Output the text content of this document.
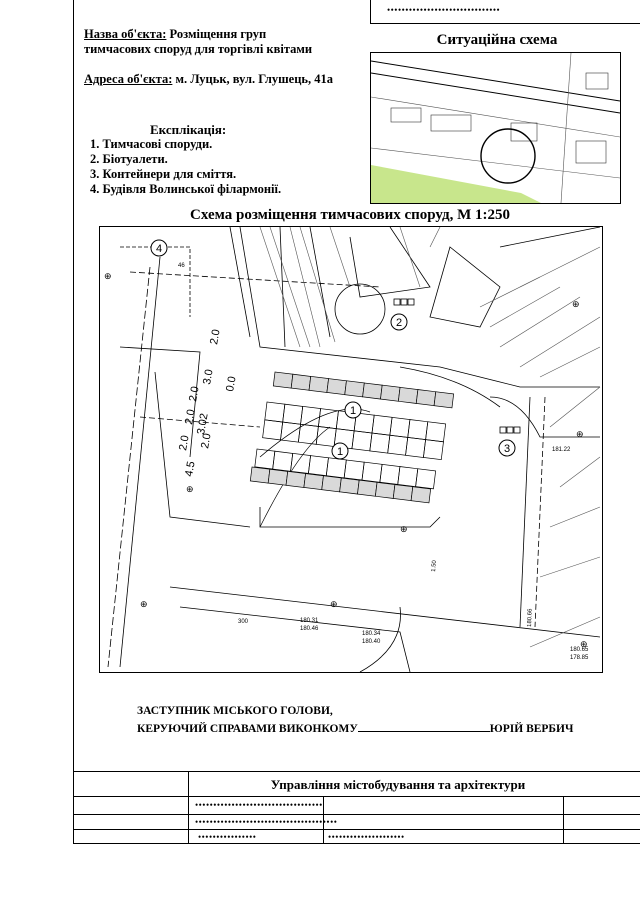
•••••••••••••••••••••••••••••••
Назва об'єкта: Розміщення груп
тимчасових споруд для торгівлі квітами
Адреса об'єкта: м. Луцьк, вул. Глушець, 41а
Ситуаційна схема
Експлікація:
1. Тимчасові споруди.
2. Біотуалети.
3. Контейнери для сміття.
4. Будівля Волинської філармонії.
Схема розміщення тимчасових споруд, М 1:250
4
2
1
1	3
2.0
3.0
2.0
2.0
0.0
3.02
2.0
4.5
2.0
180.31
180.46
180.34
180.40
180.65
178.85
181.22
180.66
46
300
1.50
⊕
⊕
⊕
⊕
⊕
⊕	⊕
⊕
ЗАСТУПНИК МІСЬКОГО ГОЛОВИ,
КЕРУЮЧИЙ СПРАВАМИ ВИКОНКОМУ	ЮРІЙ ВЕРБИЧ
•••••••••••••••••••••••••••••••••••
•••••••••••••••••••••••••••••••••••••••
••••••••••••••••	•••••••••••••••••••••
Управління містобудування та архітектури
